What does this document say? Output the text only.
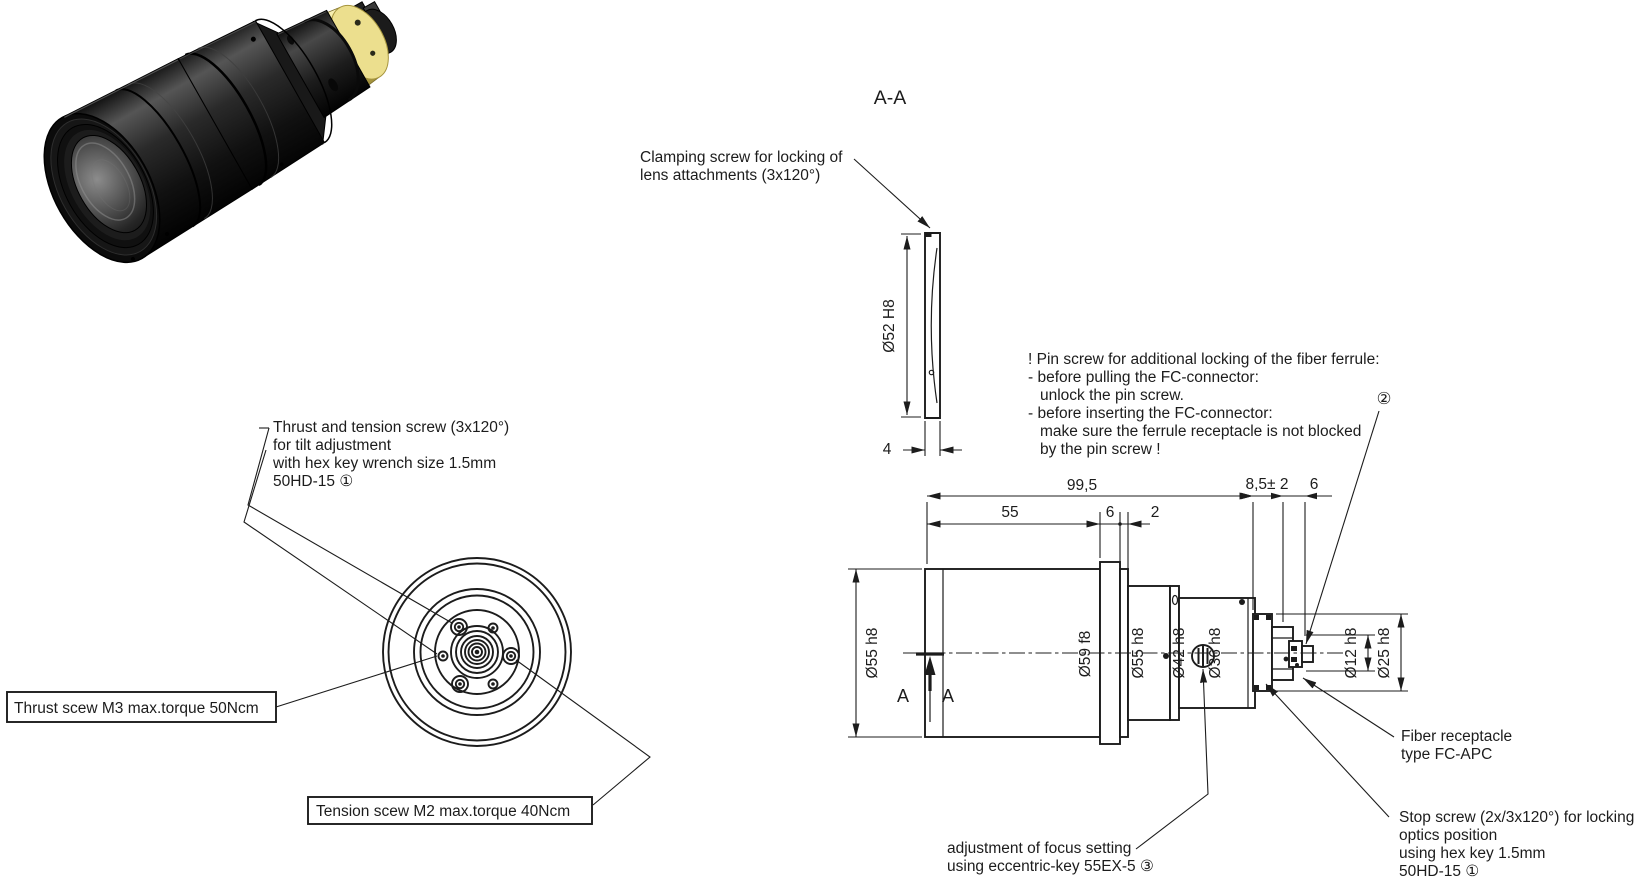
A-A
Ø52 H8
4
Clamping screw for locking of
lens attachments (3x120°)
! Pin screw for additional locking of the fiber ferrule:
- before pulling the FC-connector:
unlock the pin screw.
- before inserting the FC-connector:
make sure the ferrule receptacle is not blocked
by the pin screw !
②
A A
99,5	8,5± 2 6
55	6 2
Ø55 h8	Ø59 f8 Ø55 h8 Ø42 h8 Ø36 h8	Ø12 h8 Ø25 h8
Fiber receptacle
type FC-APC
Stop screw (2x/3x120°) for locking
optics position
using hex key 1.5mm
50HD-15 ①
adjustment of focus setting
using eccentric-key 55EX-5 ③
Thrust and tension screw (3x120°)
for tilt adjustment
with hex key wrench size 1.5mm
50HD-15 ①
Thrust scew M3 max.torque 50Ncm
Tension scew M2 max.torque 40Ncm
